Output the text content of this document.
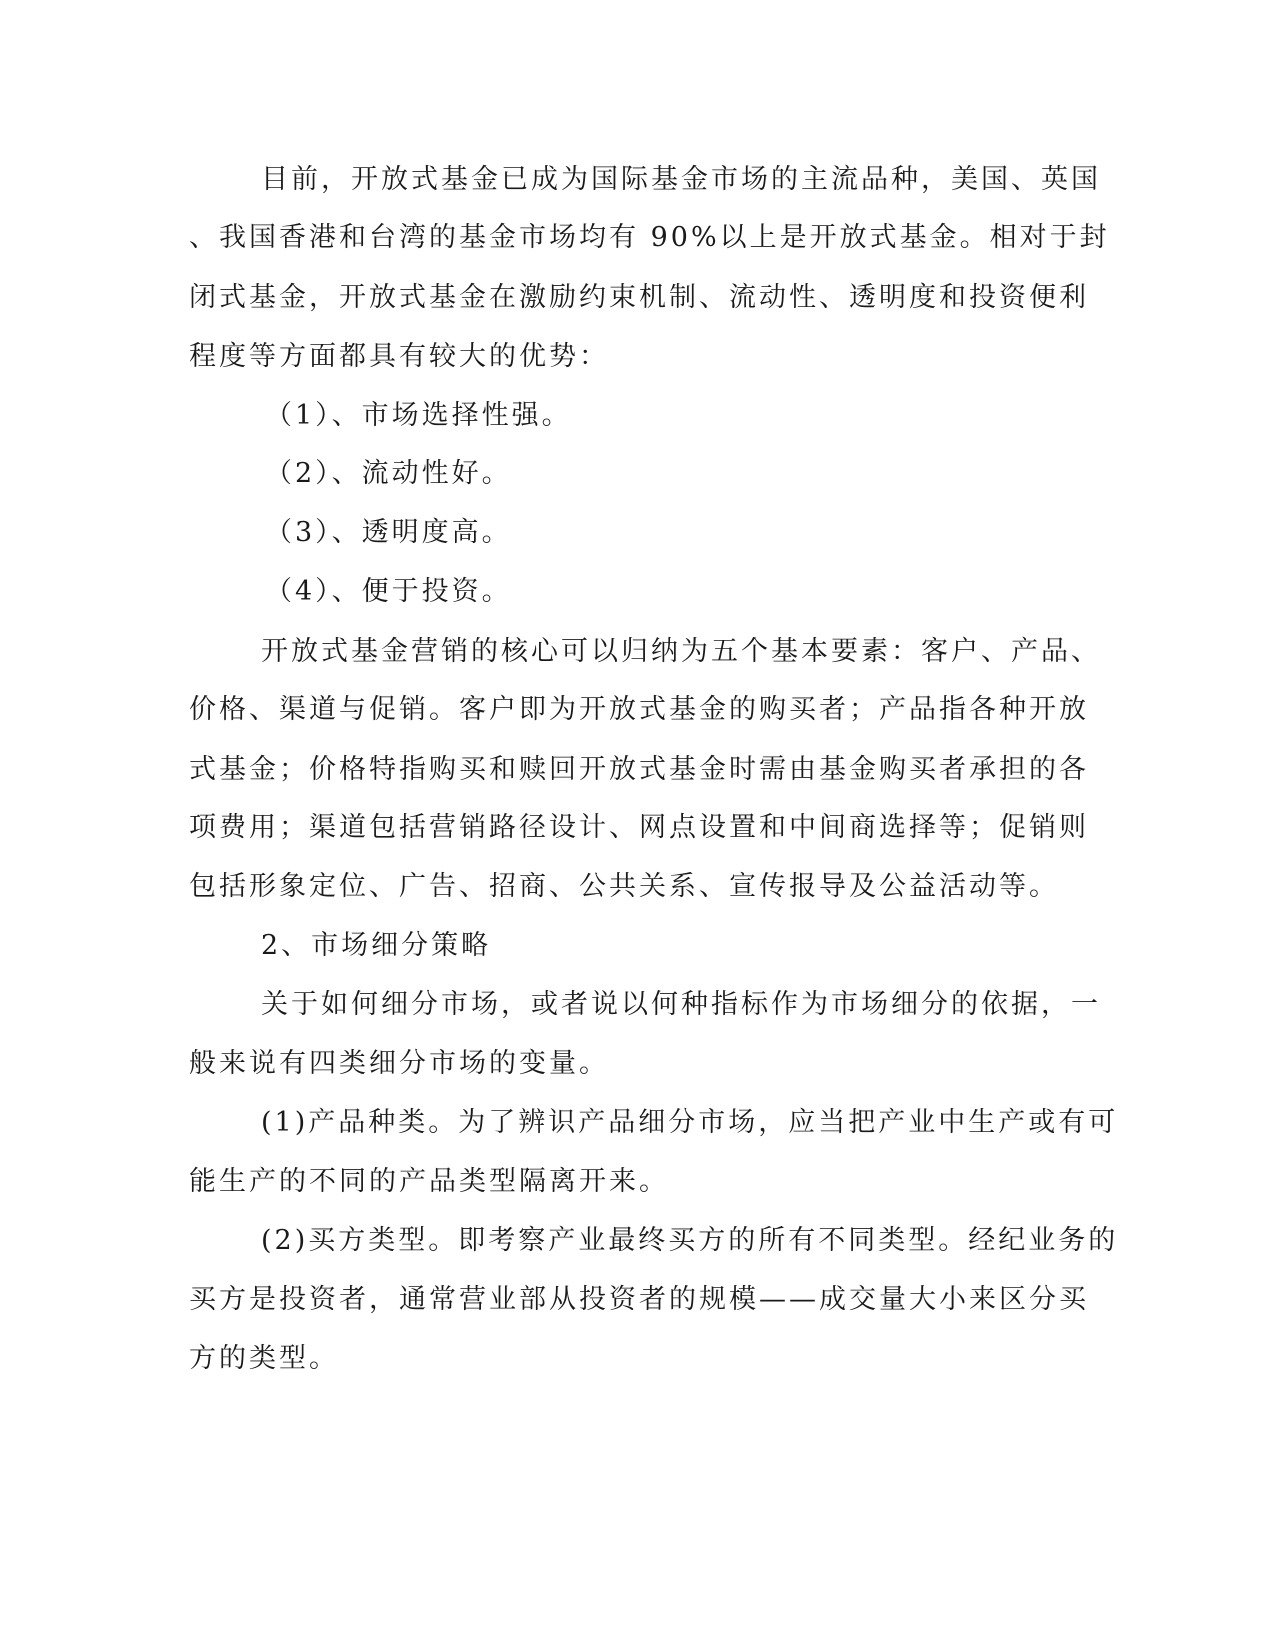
目前，开放式基金已成为国际基金市场的主流品种，美国、英国
、我国香港和台湾的基金市场均有 90%以上是开放式基金。相对于封
闭式基金，开放式基金在激励约束机制、流动性、透明度和投资便利
程度等方面都具有较大的优势：
（1）、市场选择性强。
（2）、流动性好。
（3）、透明度高。
（4）、便于投资。
开放式基金营销的核心可以归纳为五个基本要素：客户、产品、
价格、渠道与促销。客户即为开放式基金的购买者；产品指各种开放
式基金；价格特指购买和赎回开放式基金时需由基金购买者承担的各
项费用；渠道包括营销路径设计、网点设置和中间商选择等；促销则
包括形象定位、广告、招商、公共关系、宣传报导及公益活动等。
2、市场细分策略
关于如何细分市场，或者说以何种指标作为市场细分的依据，一
般来说有四类细分市场的变量。
(1)产品种类。为了辨识产品细分市场，应当把产业中生产或有可
能生产的不同的产品类型隔离开来。
(2)买方类型。即考察产业最终买方的所有不同类型。经纪业务的
买方是投资者，通常营业部从投资者的规模——成交量大小来区分买
方的类型。
